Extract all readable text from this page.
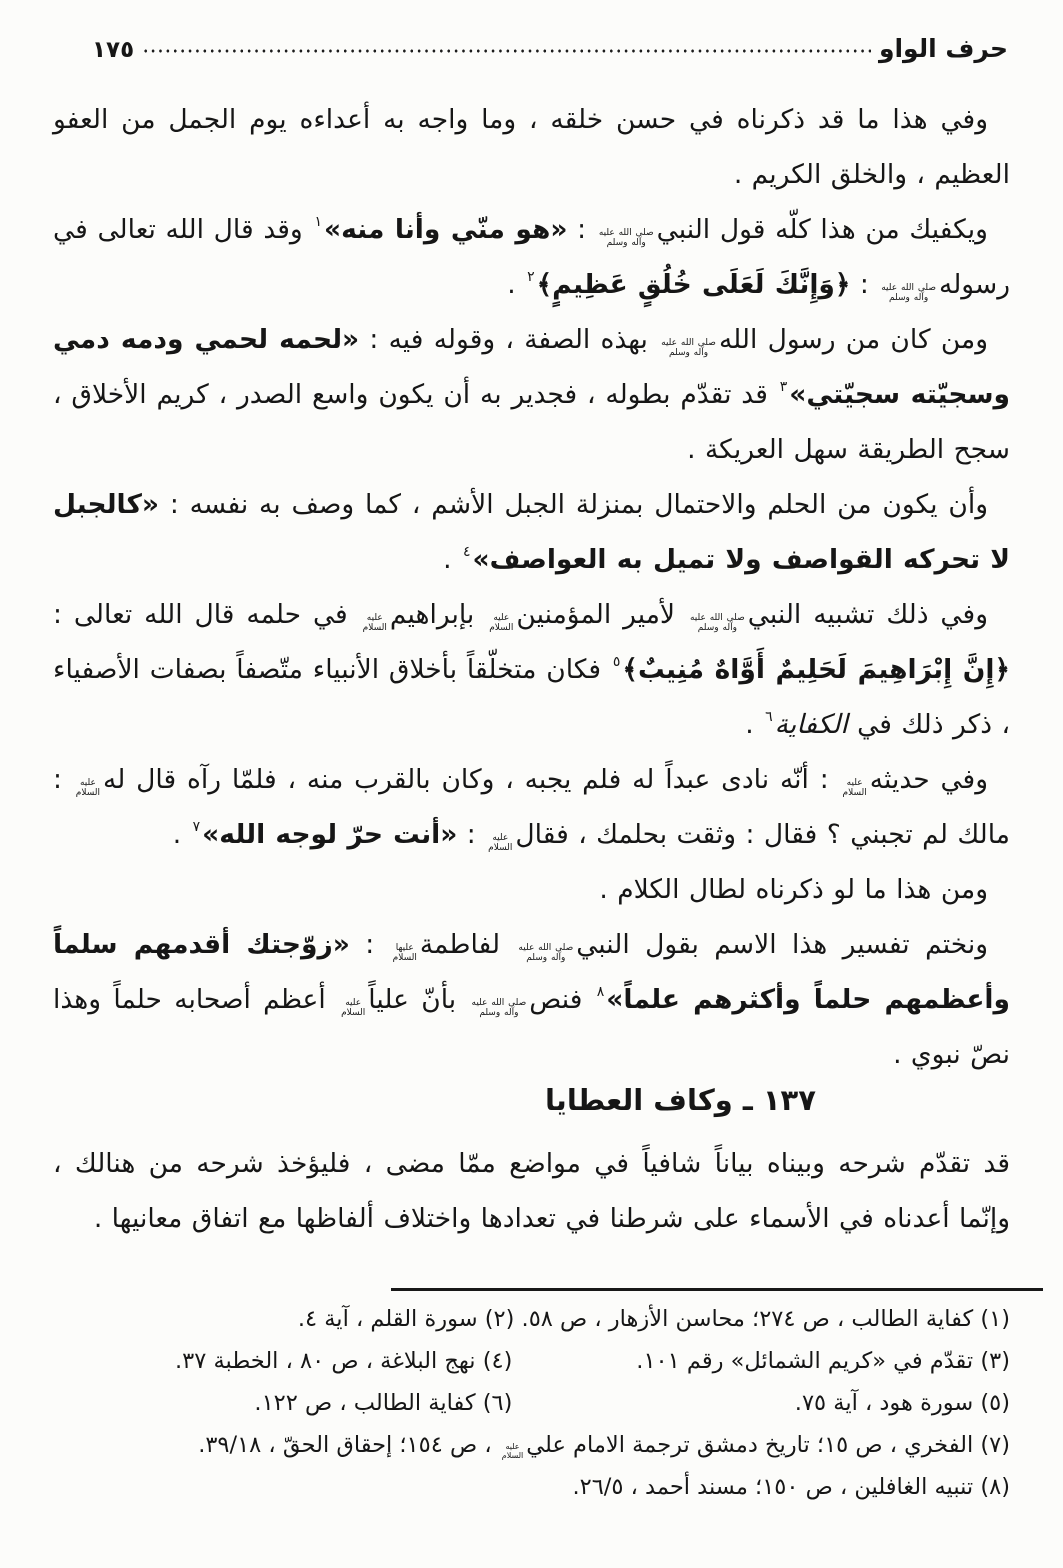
١٧٥	حرف الواو

وفي هذا ما قد ذكرناه في حسن خلقه ، وما واجه به أعداءه يوم الجمل من العفو العظيم ، والخلق الكريم .

ويكفيك من هذا كلّه قول النبي
صلى الله عليه
وآله وسلم
: «هو منّي وأنا منه»$^١$ وقد قال الله تعالى في رسوله
صلى الله عليه
وآله وسلم
: ﴿وَإِنَّكَ لَعَلَى خُلُقٍ عَظِيمٍ﴾$^٢$ .

ومن كان من رسول الله
صلى الله عليه
وآله وسلم
بهذه الصفة ، وقوله فيه : «لحمه لحمي ودمه دمي وسجيّته سجيّتي»$^٣$ قد تقدّم بطوله ، فجدير به أن يكون واسع الصدر ، كريم الأخلاق ، سجح الطريقة سهل العريكة .

وأن يكون من الحلم والاحتمال بمنزلة الجبل الأشم ، كما وصف به نفسه : «كالجبل لا تحركه القواصف ولا تميل به العواصف»$^٤$ .

وفي ذلك تشبيه النبي
صلى الله عليه
وآله وسلم
لأمير المؤمنين
عليه
السلام
بإبراهيم
عليه
السلام
في حلمه قال الله تعالى : ﴿إِنَّ إِبْرَاهِيمَ لَحَلِيمٌ أَوَّاهٌ مُنِيبٌ﴾$^٥$ فكان متخلّقاً بأخلاق الأنبياء متّصفاً بصفات الأصفياء ، ذكر ذلك في الكفاية$^٦$ .

وفي حديثه
عليه
السلام
: أنّه نادى عبداً له فلم يجبه ، وكان بالقرب منه ، فلمّا رآه قال له
عليه
السلام
: مالك لم تجبني ؟ فقال : وثقت بحلمك ، فقال
عليه
السلام
: «أنت حرّ لوجه الله»$^٧$ .

ومن هذا ما لو ذكرناه لطال الكلام .

ونختم تفسير هذا الاسم بقول النبي
صلى الله عليه
وآله وسلم
لفاطمة
عليها
السلام
: «زوّجتك أقدمهم سلماً وأعظمهم حلماً وأكثرهم علماً»$^٨$ فنص
صلى الله عليه
وآله وسلم
بأنّ علياً
عليه
السلام
أعظم أصحابه حلماً وهذا نصّ نبوي .

١٣٧ ـ وكاف العطايا

قد تقدّم شرحه وبيناه بياناً شافياً في مواضع ممّا مضى ، فليؤخذ شرحه من هنالك ، وإنّما أعدناه في الأسماء على شرطنا في تعدادها واختلاف ألفاظها مع اتفاق معانيها .

(١) كفاية الطالب ، ص ٢٧٤؛ محاسن الأزهار ، ص ٥٨. (٢) سورة القلم ، آية ٤.
(٣) تقدّم في «كريم الشمائل» رقم ١٠١.
(٤) نهج البلاغة ، ص ٨٠ ، الخطبة ٣٧.
(٥) سورة هود ، آية ٧٥.
(٦) كفاية الطالب ، ص ١٢٢.
(٧) الفخري ، ص ١٥؛ تاريخ دمشق ترجمة الامام علي
عليه
السلام
، ص ١٥٤؛ إحقاق الحقّ ، ٣٩/١٨.
(٨) تنبيه الغافلين ، ص ١٥٠؛ مسند أحمد ، ٢٦/٥.
